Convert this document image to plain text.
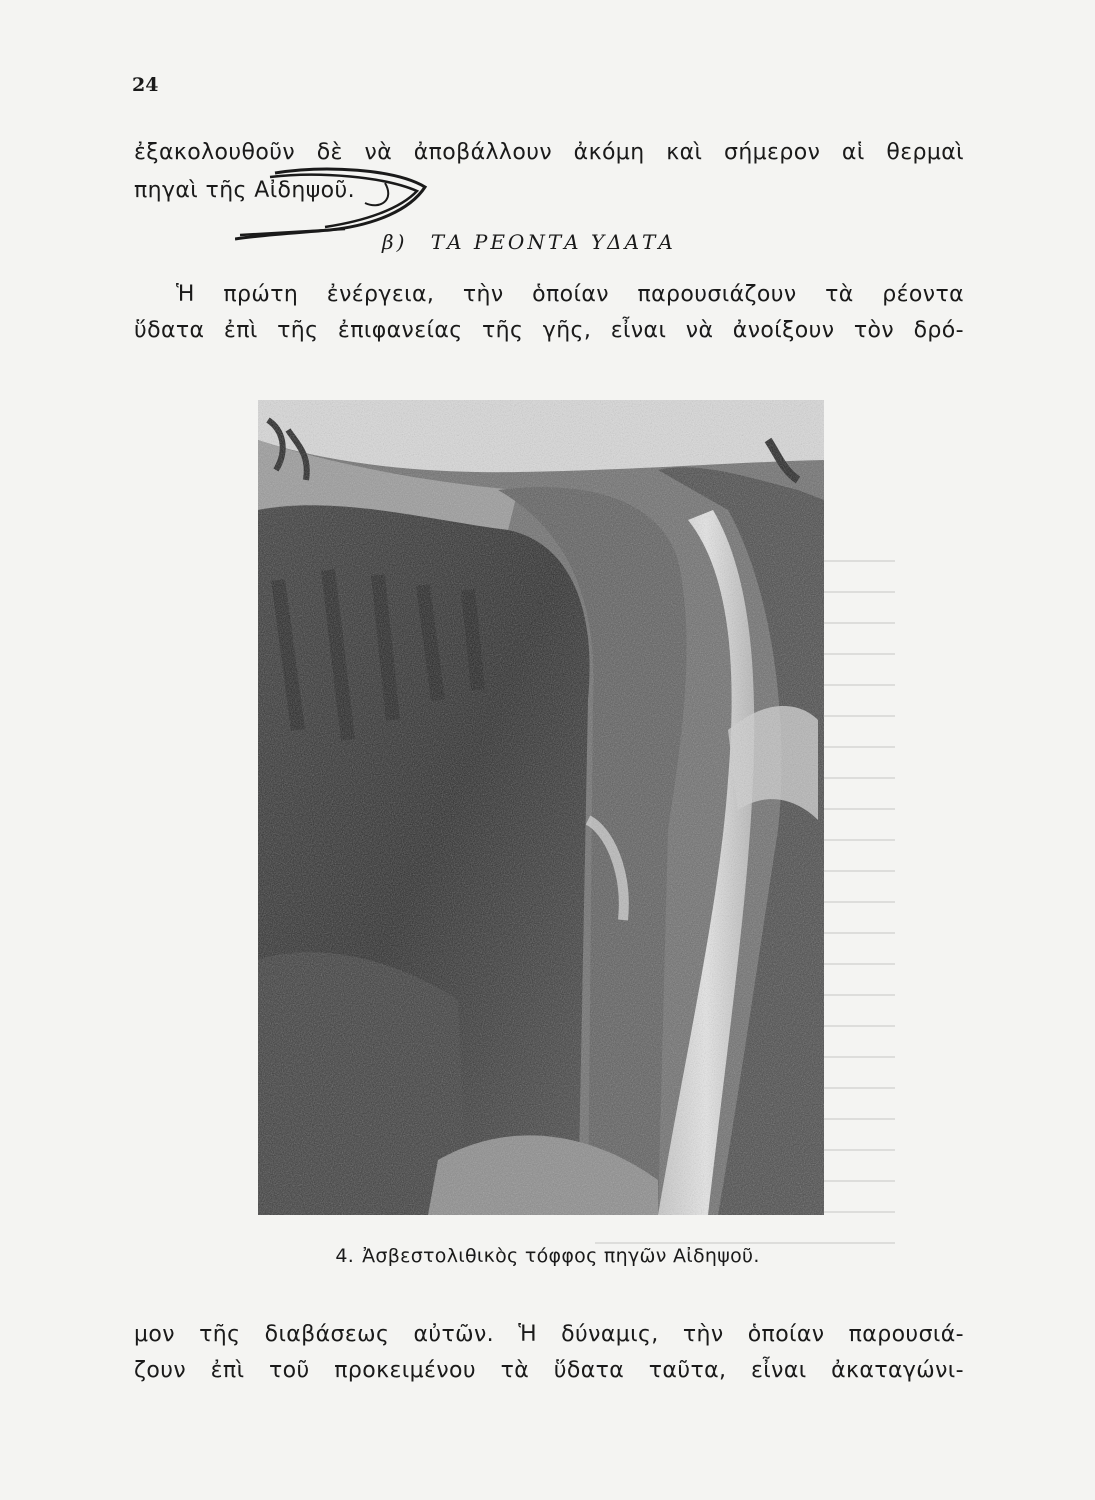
24
ἐξακολουθοῦν δὲ νὰ ἀποβάλλουν ἀκόμη καὶ σήμερον αἱ θερμαὶ
πηγαὶ τῆς Αἰδηψοῦ.
β) ΤΑ ΡΕΟΝΤΑ ΥΔΑΤΑ
Ἡ πρώτη ἐνέργεια, τὴν ὁποίαν παρουσιάζουν τὰ ρέοντα
ὕδατα ἐπὶ τῆς ἐπιφανείας τῆς γῆς, εἶναι νὰ ἀνοίξουν τὸν δρό-
4. Ἀσβεστολιθικὸς τόφφος πηγῶν Αἰδηψοῦ.
μον τῆς διαβάσεως αὐτῶν. Ἡ δύναμις, τὴν ὁποίαν παρουσιά-
ζουν ἐπὶ τοῦ προκειμένου τὰ ὕδατα ταῦτα, εἶναι ἀκαταγώνι-
